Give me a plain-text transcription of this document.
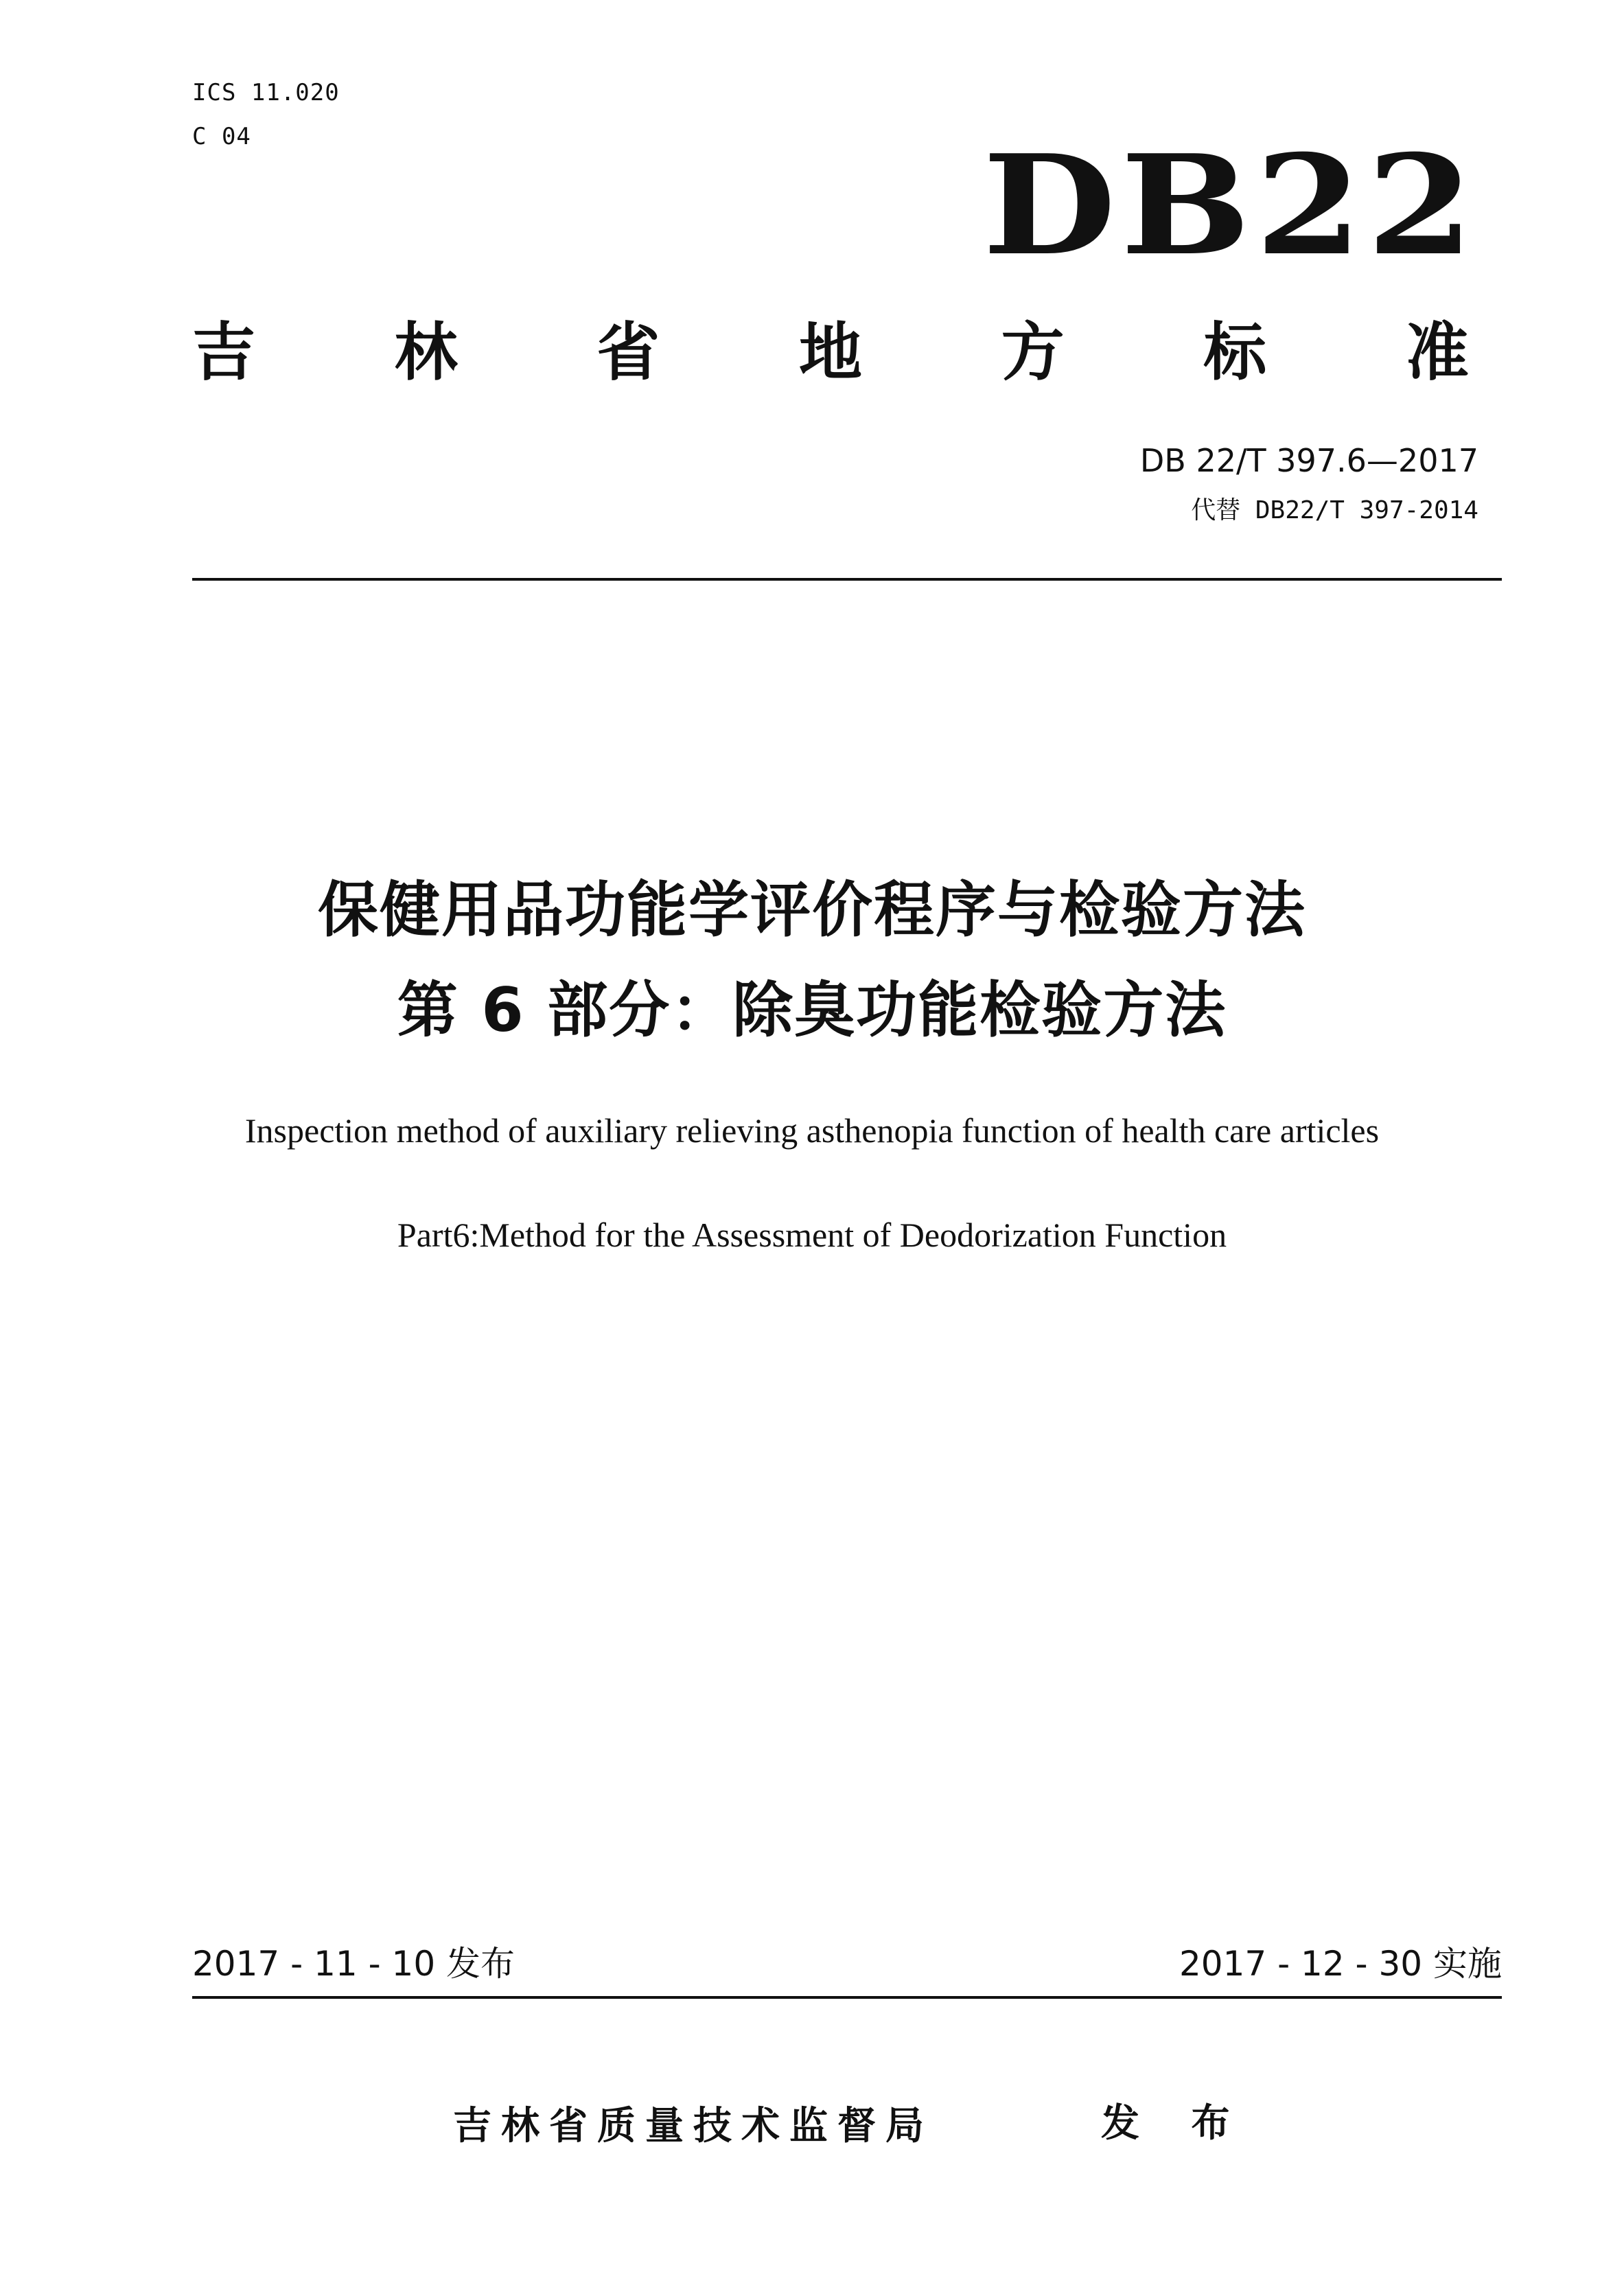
ICS 11.020
C 04	DB22
吉 林 省 地 方 标 准
DB 22/T 397.6—2017
代替 DB22/T 397-2014
保健用品功能学评价程序与检验方法
第 6 部分：除臭功能检验方法
Inspection method of auxiliary relieving asthenopia function of health care articles
Part6:Method for the Assessment of Deodorization Function
2017 - 11 - 10 发布	2017 - 12 - 30 实施
吉林省质量技术监督局	发 布
